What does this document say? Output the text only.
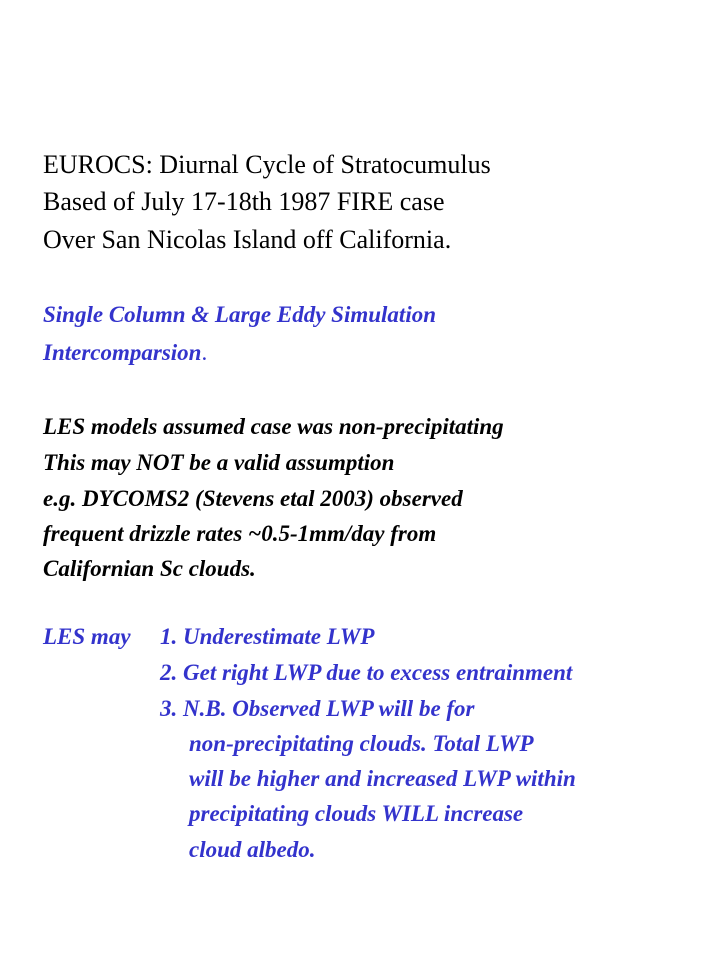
EUROCS: Diurnal Cycle of Stratocumulus
Based of July 17-18th 1987 FIRE case
Over San Nicolas Island off California.
Single Column & Large Eddy Simulation
Intercomparsion.
LES models assumed case was non-precipitating
This may NOT be a valid assumption
e.g. DYCOMS2 (Stevens etal 2003) observed
frequent drizzle rates ~0.5-1mm/day from
Californian Sc clouds.
LES may 1. Underestimate LWP
2. Get right LWP due to excess entrainment
3. N.B. Observed LWP will be for
non-precipitating clouds. Total LWP
will be higher and increased LWP within
precipitating clouds WILL increase
cloud albedo.
